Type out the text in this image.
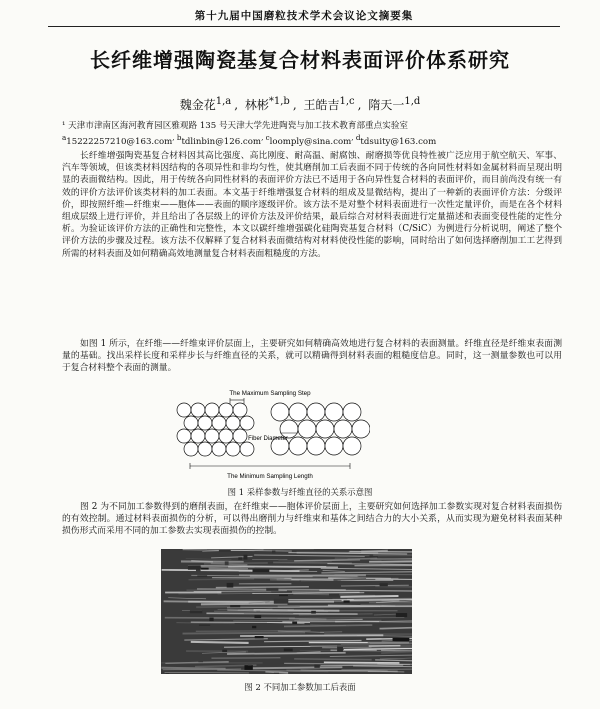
第十九届中国磨粒技术学术会议论文摘要集
长纤维增强陶瓷基复合材料表面评价体系研究
魏金花$^{1,a}$ , 林彬$^{*1,b}$ , 王皓吉$^{1,c}$ , 隋天一$^{1,d}$
¹ 天津市津南区海河教育园区雅观路 135 号天津大学先进陶瓷与加工技术教育部重点实验室
$^a$15222257210@163.com$^{, b}$tdlinbin@126.com$^{, c}$loomply@sina.com$^{, d}$tdsuity@163.com
长纤维增强陶瓷基复合材料因其高比强度、高比刚度、耐高温、耐腐蚀、耐磨损等优良特性被广泛应用于航空航天、军事、汽车等领域，但该类材料因结构的各项异性和非均匀性，使其磨削加工后表面不同于传统的各向同性材料如金属材料而呈现出明显的表面微结构。因此，用于传统各向同性材料的表面评价方法已不适用于各向异性复合材料的表面评价，而目前尚没有统一有效的评价方法评价该类材料的加工表面。本文基于纤维增强复合材料的组成及显微结构，提出了一种新的表面评价方法：分级评价，即按照纤维—纤维束——胞体——表面的顺序逐级评价。该方法不是对整个材料表面进行一次性定量评价，而是在各个材料组成层级上进行评价，并且给出了各层级上的评价方法及评价结果，最后综合对材料表面进行定量描述和表面变侵性能的定性分析。为验证该评价方法的正确性和完整性，本文以碳纤维增强碳化硅陶瓷基复合材料（C/SiC）为例进行分析说明，阐述了整个评价方法的步骤及过程。该方法不仅解释了复合材料表面微结构对材料使役性能的影响，同时给出了如何选择磨削加工工艺得到所需的材料表面及如何精确高效地测量复合材料表面粗糙度的方法。
如图 1 所示，在纤维——纤维束评价层面上，主要研究如何精确高效地进行复合材料的表面测量。纤维直径是纤维束表面测量的基础。找出采样长度和采样步长与纤维直径的关系，就可以精确得到材料表面的粗糙度信息。同时，这一测量参数也可以用于复合材料整个表面的测量。
The Maximum Sampling Step
Fiber Diameter
The Minimum Sampling Length
图 1 采样参数与纤维直径的关系示意图
图 2 为不同加工参数得到的磨削表面，在纤维束——胞体评价层面上，主要研究如何选择加工参数实现对复合材料表面损伤的有效控制。通过材料表面损伤的分析，可以得出磨削力与纤维束和基体之间结合力的大小关系，从而实现为避免材料表面某种损伤形式而采用不同的加工参数去实现表面损伤的控制。
图 2 不同加工参数加工后表面
